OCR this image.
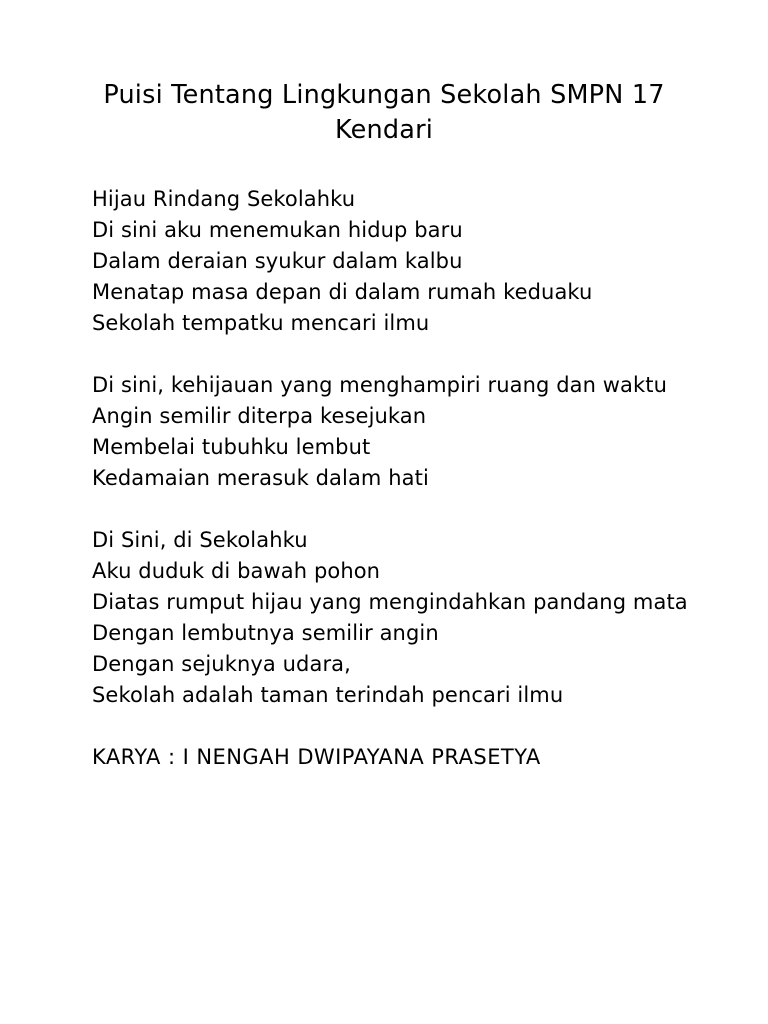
Puisi Tentang Lingkungan Sekolah SMPN 17 Kendari

Hijau Rindang Sekolahku

Di sini aku menemukan hidup baru

Dalam deraian syukur dalam kalbu

Menatap masa depan di dalam rumah keduaku

Sekolah tempatku mencari ilmu

Di sini, kehijauan yang menghampiri ruang dan waktu

Angin semilir diterpa kesejukan

Membelai tubuhku lembut

Kedamaian merasuk dalam hati

Di Sini, di Sekolahku

Aku duduk di bawah pohon

Diatas rumput hijau yang mengindahkan pandang mata

Dengan lembutnya semilir angin

Dengan sejuknya udara,

Sekolah adalah taman terindah pencari ilmu

KARYA : I NENGAH DWIPAYANA PRASETYA
